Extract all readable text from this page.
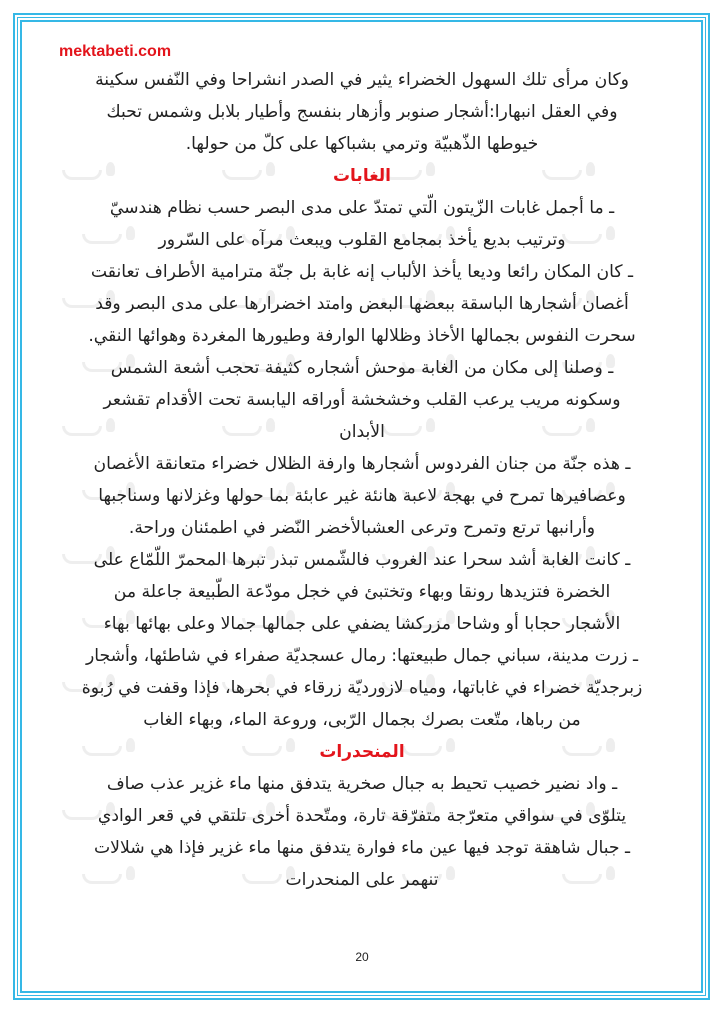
mektabeti.com

وكان مرأى تلك السهول الخضراء يثير في الصدر انشراحا وفي النّفس سكينة

وفي العقل انبهارا:أشجار صنوبر وأزهار بنفسج وأطيار بلابل وشمس تحبك

خيوطها الذّهبيّة وترمي بشباكها على كلّ من حولها.

الغابات

ـ ما أجمل غابات الزّيتون الّتي تمتدّ على مدى البصر حسب نظام هندسيّ

وترتيب بديع يأخذ بمجامع القلوب ويبعث مرآه على السّرور

ـ كان المكان رائعا وديعا يأخذ الألباب إنه غابة بل جنّة مترامية الأطراف تعانقت

أغصان أشجارها الباسقة ببعضها البعض وامتد اخضرارها على مدى البصر وقد

سحرت النفوس بجمالها الأخاذ وظلالها الوارفة وطيورها المغردة وهوائها النقي.

ـ وصلنا إلى مكان من الغابة موحش أشجاره كثيفة تحجب أشعة الشمس

وسكونه مريب يرعب القلب وخشخشة أوراقه اليابسة تحت الأقدام تقشعر

الأبدان

ـ هذه جنّة من جنان الفردوس أشجارها وارفة الظلال خضراء متعانقة الأغصان

وعصافيرها تمرح في بهجة لاعبة هانئة غير عابئة بما حولها وغزلانها وسناجبها

وأرانبها ترتع وتمرح وترعى العشبالأخضر النّضر في اطمئنان وراحة.

ـ كانت الغابة أشد سحرا عند الغروب فالشّمس تبذر تبرها المحمرّ اللّمّاع على

الخضرة فتزيدها رونقا وبهاء وتختبئ في خجل مودّعة الطّبيعة جاعلة من

الأشجار حجابا أو وشاحا مزركشا يضفي على جمالها جمالا وعلى بهائها بهاء

ـ زرت مدينة، سباني جمال طبيعتها: رمال عسجديّة صفراء في شاطئها، وأشجار

زبرجديّة خضراء في غاباتها، ومياه لازورديّة زرقاء في بحرها، فإذا وقفت في رُبوة

من رباها، متّعت بصرك بجمال الرّبى، وروعة الماء، وبهاء الغاب

المنحدرات

ـ واد نضير خصيب تحيط به جبال صخرية يتدفق منها ماء غزير عذب صاف

يتلوّى في سواقي متعرّجة متفرّقة تارة، ومتّحدة أخرى تلتقي في قعر الوادي

ـ جبال شاهقة توجد فيها عين ماء فوارة يتدفق منها ماء غزير فإذا هي شلالات

تنهمر على المنحدرات

20
